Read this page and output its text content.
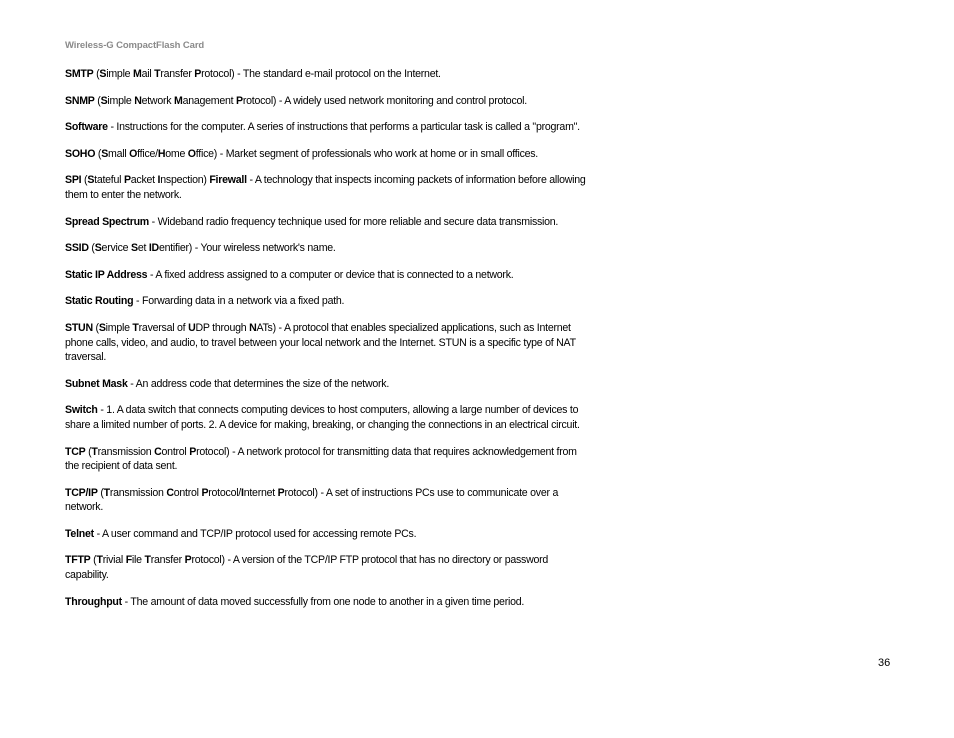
Wireless-G CompactFlash Card

SMTP (Simple Mail Transfer Protocol) - The standard e-mail protocol on the Internet.

SNMP (Simple Network Management Protocol) - A widely used network monitoring and control protocol.

Software - Instructions for the computer. A series of instructions that performs a particular task is called a "program".

SOHO (Small Office/Home Office) - Market segment of professionals who work at home or in small offices.

SPI (Stateful Packet Inspection) Firewall - A technology that inspects incoming packets of information before allowing them to enter the network.

Spread Spectrum - Wideband radio frequency technique used for more reliable and secure data transmission.

SSID (Service Set IDentifier) - Your wireless network's name.

Static IP Address - A fixed address assigned to a computer or device that is connected to a network.

Static Routing - Forwarding data in a network via a fixed path.

STUN (Simple Traversal of UDP through NATs) - A protocol that enables specialized applications, such as Internet phone calls, video, and audio, to travel between your local network and the Internet. STUN is a specific type of NAT traversal.

Subnet Mask - An address code that determines the size of the network.

Switch - 1. A data switch that connects computing devices to host computers, allowing a large number of devices to share a limited number of ports. 2. A device for making, breaking, or changing the connections in an electrical circuit.

TCP (Transmission Control Protocol) - A network protocol for transmitting data that requires acknowledgement from the recipient of data sent.

TCP/IP (Transmission Control Protocol/Internet Protocol) - A set of instructions PCs use to communicate over a network.

Telnet - A user command and TCP/IP protocol used for accessing remote PCs.

TFTP (Trivial File Transfer Protocol) - A version of the TCP/IP FTP protocol that has no directory or password capability.

Throughput - The amount of data moved successfully from one node to another in a given time period.

36
